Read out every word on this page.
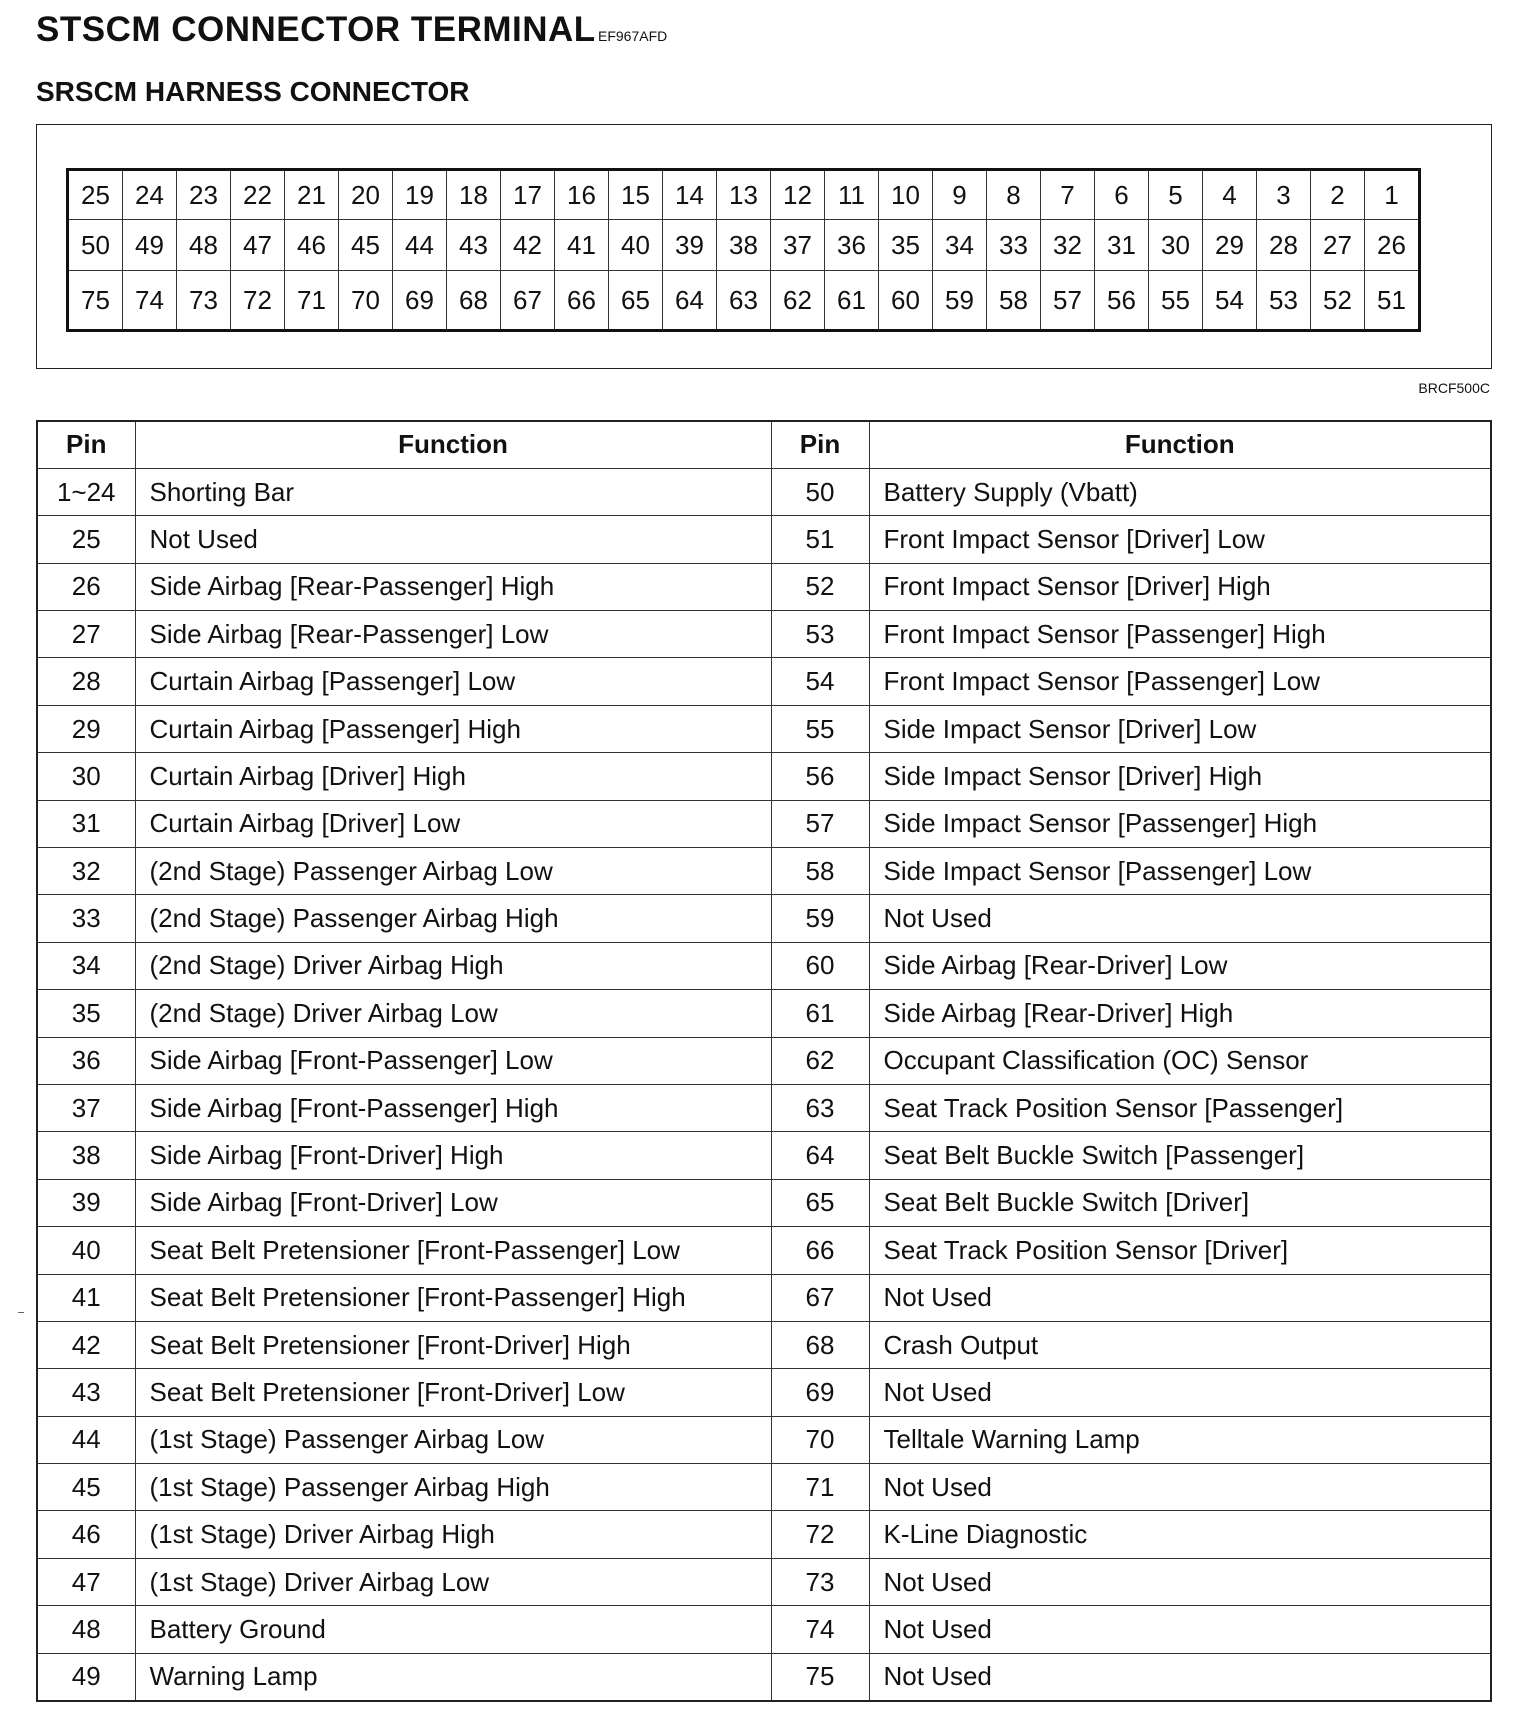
STSCM CONNECTOR TERMINAL EF967AFD
SRSCM HARNESS CONNECTOR
25	24	23	22	21	20	19	18	17	16	15	14	13	12	11	10	9	8	7	6	5	4	3	2	1
50	49	48	47	46	45	44	43	42	41	40	39	38	37	36	35	34	33	32	31	30	29	28	27	26
75	74	73	72	71	70	69	68	67	66	65	64	63	62	61	60	59	58	57	56	55	54	53	52	51
BRCF500C
Pin	Function	Pin	Function
1~24	Shorting Bar	50	Battery Supply (Vbatt)
25	Not Used	51	Front Impact Sensor [Driver] Low
26	Side Airbag [Rear-Passenger] High	52	Front Impact Sensor [Driver] High
27	Side Airbag [Rear-Passenger] Low	53	Front Impact Sensor [Passenger] High
28	Curtain Airbag [Passenger] Low	54	Front Impact Sensor [Passenger] Low
29	Curtain Airbag [Passenger] High	55	Side Impact Sensor [Driver] Low
30	Curtain Airbag [Driver] High	56	Side Impact Sensor [Driver] High
31	Curtain Airbag [Driver] Low	57	Side Impact Sensor [Passenger] High
32	(2nd Stage) Passenger Airbag Low	58	Side Impact Sensor [Passenger] Low
33	(2nd Stage) Passenger Airbag High	59	Not Used
34	(2nd Stage) Driver Airbag High	60	Side Airbag [Rear-Driver] Low
35	(2nd Stage) Driver Airbag Low	61	Side Airbag [Rear-Driver] High
36	Side Airbag [Front-Passenger] Low	62	Occupant Classification (OC) Sensor
37	Side Airbag [Front-Passenger] High	63	Seat Track Position Sensor [Passenger]
38	Side Airbag [Front-Driver] High	64	Seat Belt Buckle Switch [Passenger]
39	Side Airbag [Front-Driver] Low	65	Seat Belt Buckle Switch [Driver]
40	Seat Belt Pretensioner [Front-Passenger] Low	66	Seat Track Position Sensor [Driver]
41	Seat Belt Pretensioner [Front-Passenger] High	67	Not Used
42	Seat Belt Pretensioner [Front-Driver] High	68	Crash Output
43	Seat Belt Pretensioner [Front-Driver] Low	69	Not Used
44	(1st Stage) Passenger Airbag Low	70	Telltale Warning Lamp
45	(1st Stage) Passenger Airbag High	71	Not Used
46	(1st Stage) Driver Airbag High	72	K-Line Diagnostic
47	(1st Stage) Driver Airbag Low	73	Not Used
48	Battery Ground	74	Not Used
49	Warning Lamp	75	Not Used
